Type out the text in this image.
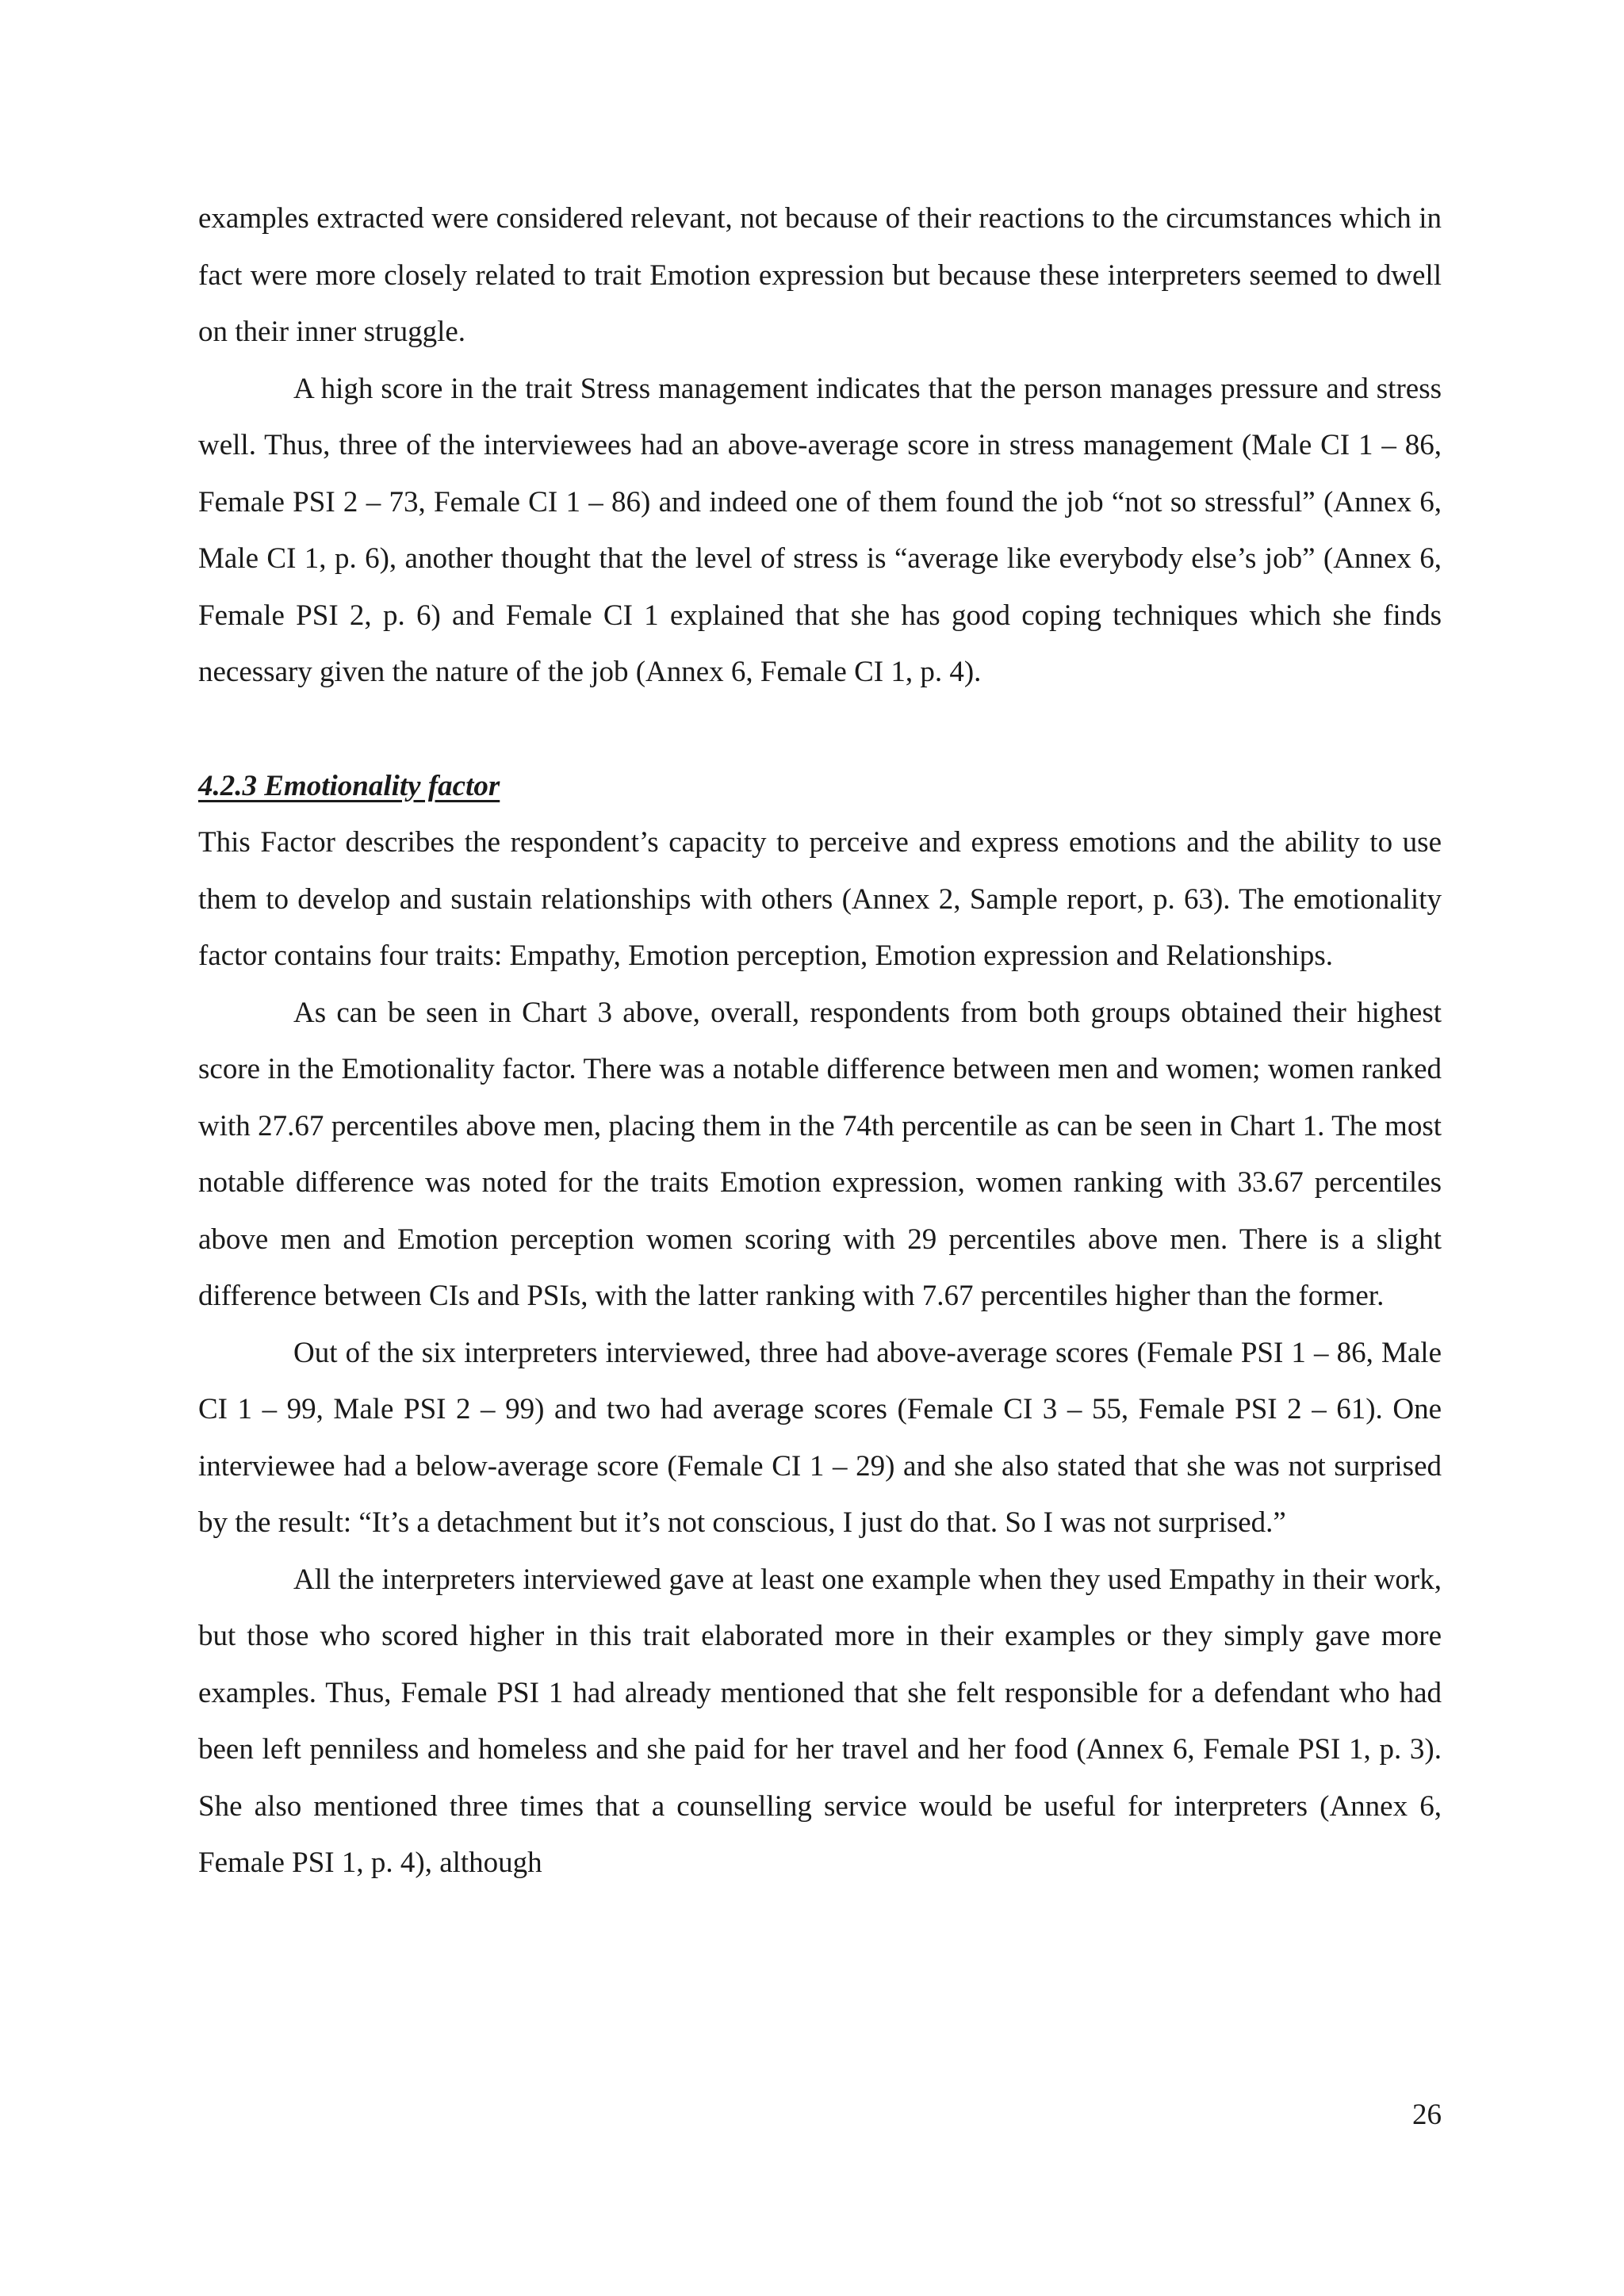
examples extracted were considered relevant, not because of their reactions to the circumstances which in fact were more closely related to trait Emotion expression but because these interpreters seemed to dwell on their inner struggle.

A high score in the trait Stress management indicates that the person manages pressure and stress well. Thus, three of the interviewees had an above-average score in stress management (Male CI 1 – 86, Female PSI 2 – 73, Female CI 1 – 86) and indeed one of them found the job “not so stressful” (Annex 6, Male CI 1, p. 6), another thought that the level of stress is “average like everybody else’s job” (Annex 6, Female PSI 2, p. 6) and Female CI 1 explained that she has good coping techniques which she finds necessary given the nature of the job (Annex 6, Female CI 1, p. 4).

4.2.3 Emotionality factor

This Factor describes the respondent’s capacity to perceive and express emotions and the ability to use them to develop and sustain relationships with others (Annex 2, Sample report, p. 63). The emotionality factor contains four traits: Empathy, Emotion perception, Emotion expression and Relationships.

As can be seen in Chart 3 above, overall, respondents from both groups obtained their highest score in the Emotionality factor. There was a notable difference between men and women; women ranked with 27.67 percentiles above men, placing them in the 74th percentile as can be seen in Chart 1. The most notable difference was noted for the traits Emotion expression, women ranking with 33.67 percentiles above men and Emotion perception women scoring with 29 percentiles above men. There is a slight difference between CIs and PSIs, with the latter ranking with 7.67 percentiles higher than the former.

Out of the six interpreters interviewed, three had above-average scores (Female PSI 1 – 86, Male CI 1 – 99, Male PSI 2 – 99) and two had average scores (Female CI 3 – 55, Female PSI 2 – 61). One interviewee had a below-average score (Female CI 1 – 29) and she also stated that she was not surprised by the result: “It’s a detachment but it’s not conscious, I just do that. So I was not surprised.”

All the interpreters interviewed gave at least one example when they used Empathy in their work, but those who scored higher in this trait elaborated more in their examples or they simply gave more examples. Thus, Female PSI 1 had already mentioned that she felt responsible for a defendant who had been left penniless and homeless and she paid for her travel and her food (Annex 6, Female PSI 1, p. 3). She also mentioned three times that a counselling service would be useful for interpreters (Annex 6, Female PSI 1, p. 4), although

26
